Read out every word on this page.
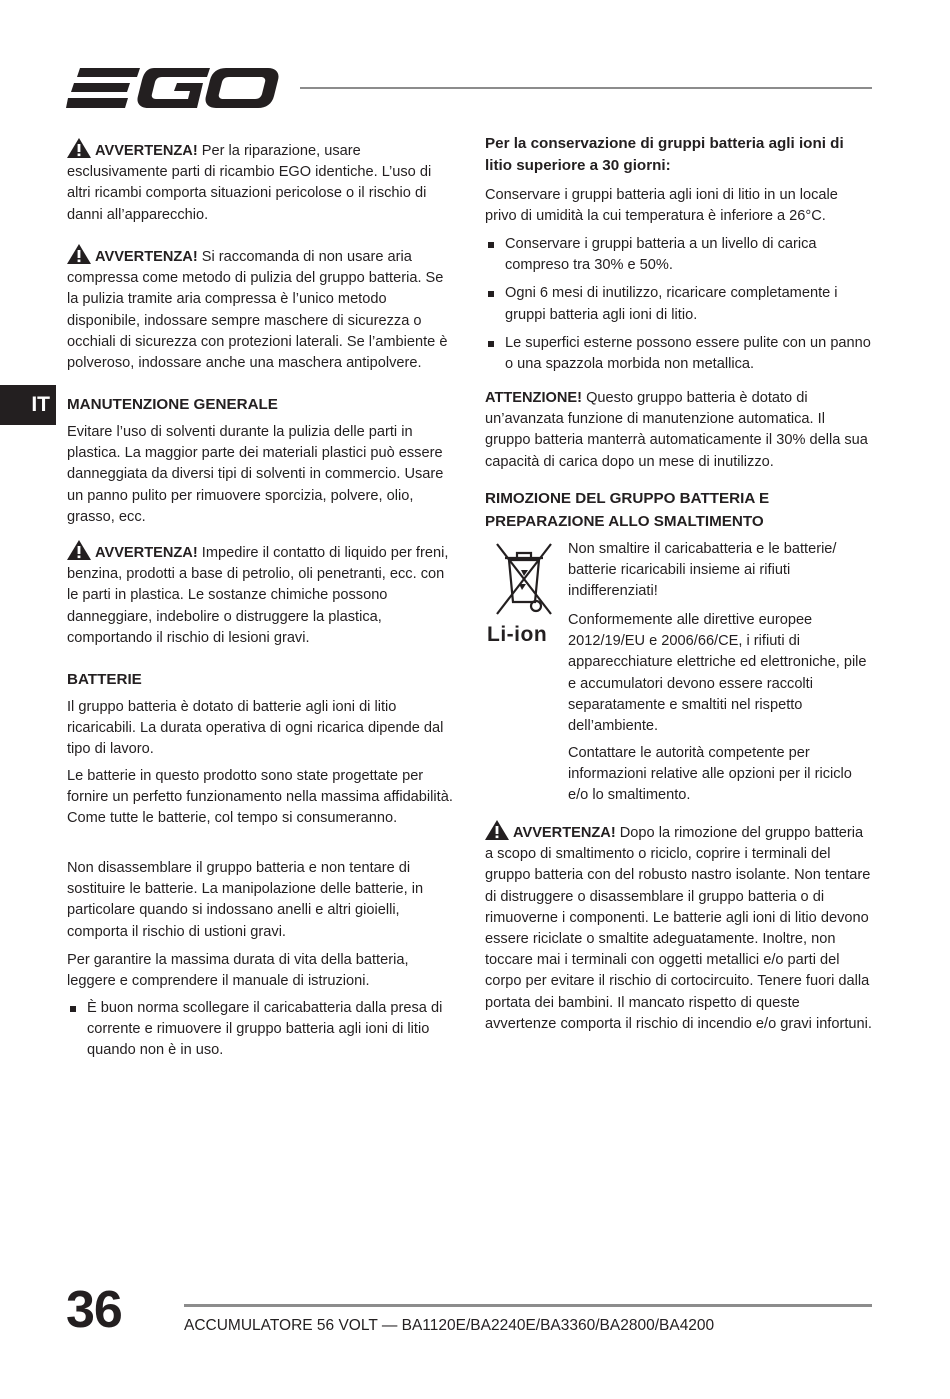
IT

AVVERTENZA! Per la riparazione, usare esclusivamente parti di ricambio EGO identiche. L’uso di altri ricambi comporta situazioni pericolose o il rischio di danni all’apparecchio.

AVVERTENZA! Si raccomanda di non usare aria compressa come metodo di pulizia del gruppo batteria. Se la pulizia tramite aria compressa è l’unico metodo disponibile, indossare sempre maschere di sicurezza o occhiali di sicurezza con protezioni laterali. Se l’ambiente è polveroso, indossare anche una maschera antipolvere.

MANUTENZIONE GENERALE

Evitare l’uso di solventi durante la pulizia delle parti in plastica. La maggior parte dei materiali plastici può essere danneggiata da diversi tipi di solventi in commercio. Usare un panno pulito per rimuovere sporcizia, polvere, olio, grasso, ecc.

AVVERTENZA! Impedire il contatto di liquido per freni, benzina, prodotti a base di petrolio, oli penetranti, ecc. con le parti in plastica. Le sostanze chimiche possono danneggiare, indebolire o distruggere la plastica, comportando il rischio di lesioni gravi.

BATTERIE

Il gruppo batteria è dotato di batterie agli ioni di litio ricaricabili. La durata operativa di ogni ricarica dipende dal tipo di lavoro.

Le batterie in questo prodotto sono state progettate per fornire un perfetto funzionamento nella massima affidabilità. Come tutte le batterie, col tempo si consumeranno.

Non disassemblare il gruppo batteria e non tentare di sostituire le batterie. La manipolazione delle batterie, in particolare quando si indossano anelli e altri gioielli, comporta il rischio di ustioni gravi.

Per garantire la massima durata di vita della batteria, leggere e comprendere il manuale di istruzioni.

È buon norma scollegare il caricabatteria dalla presa di corrente e rimuovere il gruppo batteria agli ioni di litio quando non è in uso.
Per la conservazione di gruppi batteria agli ioni di litio superiore a 30 giorni:

Conservare i gruppi batteria agli ioni di litio in un locale privo di umidità la cui temperatura è inferiore a 26°C.

Conservare i gruppi batteria a un livello di carica compreso tra 30% e 50%.
Ogni 6 mesi di inutilizzo, ricaricare completamente i gruppi batteria agli ioni di litio.
Le superfici esterne possono essere pulite con un panno o una spazzola morbida non metallica.

ATTENZIONE! Questo gruppo batteria è dotato di un’avanzata funzione di manutenzione automatica. Il gruppo batteria manterrà automaticamente il 30% della sua capacità di carica dopo un mese di inutilizzo.

RIMOZIONE DEL GRUPPO BATTERIA E PREPARAZIONE ALLO SMALTIMENTO
Li-ion

Non smaltire il caricabatteria e le batterie/ batterie ricaricabili insieme ai rifiuti indifferenziati!

Conformemente alle direttive europee 2012/19/EU e 2006/66/CE, i rifiuti di apparecchiature elettriche ed elettroniche, pile e accumulatori devono essere raccolti separatamente e smaltiti nel rispetto dell’ambiente.

Contattare le autorità competente per informazioni relative alle opzioni per il riciclo e/o lo smaltimento.

AVVERTENZA! Dopo la rimozione del gruppo batteria a scopo di smaltimento o riciclo, coprire i terminali del gruppo batteria con del robusto nastro isolante. Non tentare di distruggere o disassemblare il gruppo batteria o di rimuoverne i componenti. Le batterie agli ioni di litio devono essere riciclate o smaltite adeguatamente. Inoltre, non toccare mai i terminali con oggetti metallici e/o parti del corpo per evitare il rischio di cortocircuito. Tenere fuori dalla portata dei bambini. Il mancato rispetto di queste avvertenze comporta il rischio di incendio e/o gravi infortuni.

36	ACCUMULATORE 56 VOLT — BA1120E/BA2240E/BA3360/BA2800/BA4200
